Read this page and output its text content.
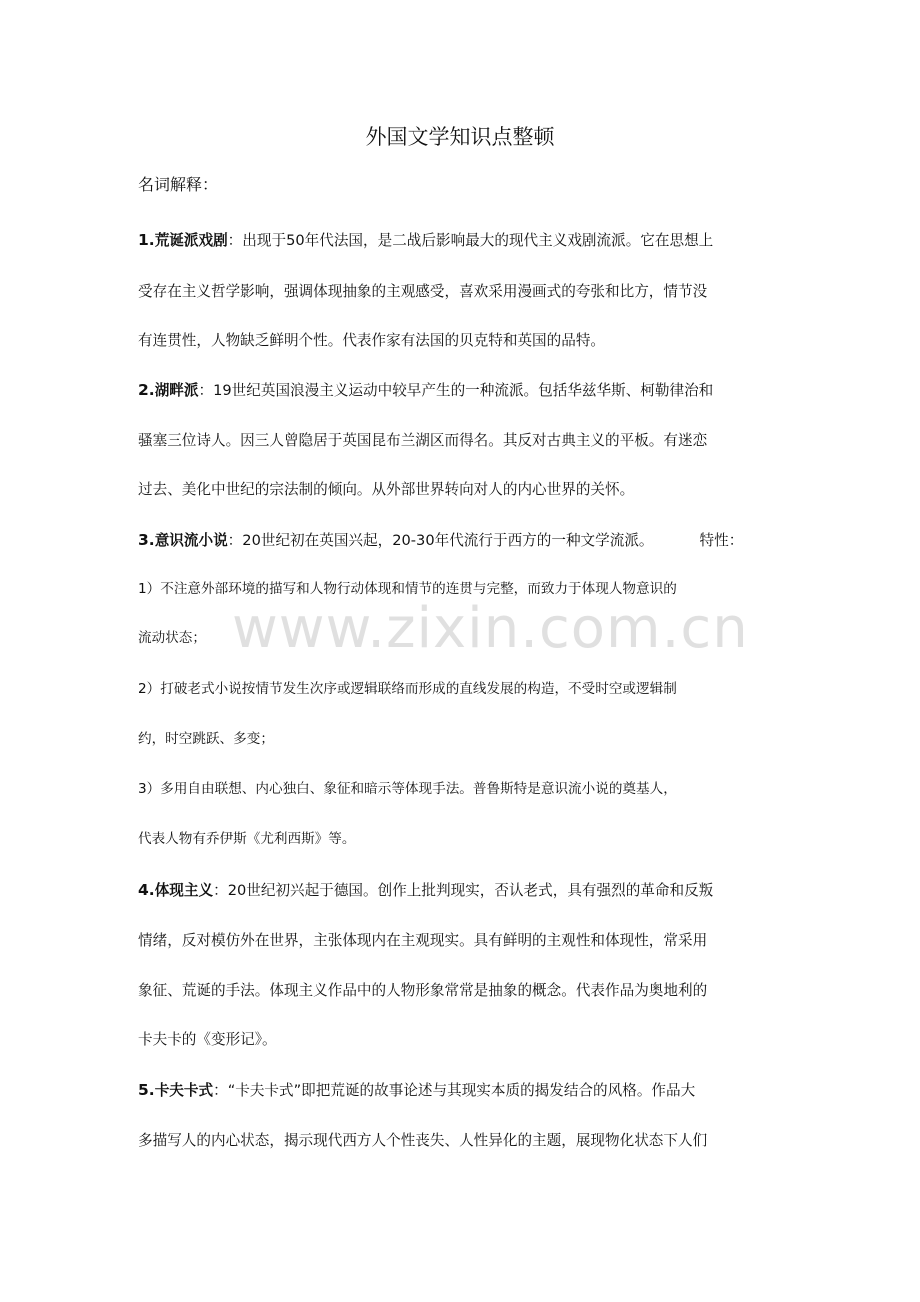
www.zixin.com.cn
外国文学知识点整顿
名词解释：
1.荒诞派戏剧：出现于50年代法国，是二战后影响最大的现代主义戏剧流派。它在思想上
受存在主义哲学影响，强调体现抽象的主观感受，喜欢采用漫画式的夸张和比方，情节没
有连贯性，人物缺乏鲜明个性。代表作家有法国的贝克特和英国的品特。
2.湖畔派：19世纪英国浪漫主义运动中较早产生的一种流派。包括华兹华斯、柯勒律治和
骚塞三位诗人。因三人曾隐居于英国昆布兰湖区而得名。其反对古典主义的平板。有迷恋
过去、美化中世纪的宗法制的倾向。从外部世界转向对人的内心世界的关怀。
3.意识流小说：20世纪初在英国兴起，20-30年代流行于西方的一种文学流派。	特性：
1）不注意外部环境的描写和人物行动体现和情节的连贯与完整，而致力于体现人物意识的
流动状态；
2）打破老式小说按情节发生次序或逻辑联络而形成的直线发展的构造，不受时空或逻辑制
约，时空跳跃、多变；
3）多用自由联想、内心独白、象征和暗示等体现手法。普鲁斯特是意识流小说的奠基人，
代表人物有乔伊斯《尤利西斯》等。
4.体现主义：20世纪初兴起于德国。创作上批判现实，否认老式，具有强烈的革命和反叛
情绪，反对模仿外在世界，主张体现内在主观现实。具有鲜明的主观性和体现性，常采用
象征、荒诞的手法。体现主义作品中的人物形象常常是抽象的概念。代表作品为奥地利的
卡夫卡的《变形记》。
5.卡夫卡式：“卡夫卡式”即把荒诞的故事论述与其现实本质的揭发结合的风格。作品大
多描写人的内心状态，揭示现代西方人个性丧失、人性异化的主题，展现物化状态下人们
